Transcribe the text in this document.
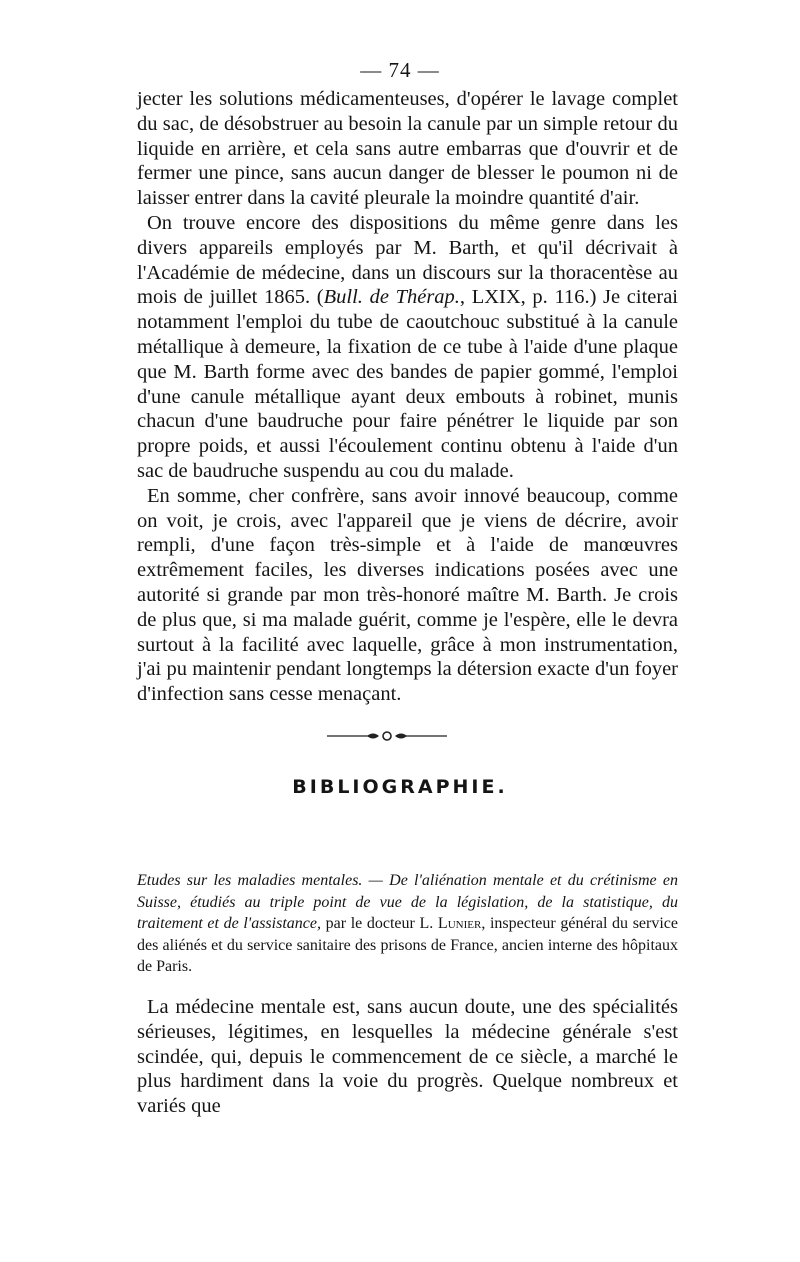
— 74 —

jecter les solutions médicamenteuses, d'opérer le lavage complet du sac, de désobstruer au besoin la canule par un simple retour du liquide en arrière, et cela sans autre embarras que d'ouvrir et de fermer une pince, sans aucun danger de blesser le poumon ni de laisser entrer dans la cavité pleurale la moindre quantité d'air.

On trouve encore des dispositions du même genre dans les divers appareils employés par M. Barth, et qu'il décrivait à l'Académie de médecine, dans un discours sur la thoracentèse au mois de juillet 1865. (Bull. de Thérap., LXIX, p. 116.) Je citerai notamment l'emploi du tube de caoutchouc substitué à la canule métallique à demeure, la fixation de ce tube à l'aide d'une plaque que M. Barth forme avec des bandes de papier gommé, l'emploi d'une canule métallique ayant deux embouts à robinet, munis chacun d'une baudruche pour faire pénétrer le liquide par son propre poids, et aussi l'écoulement continu obtenu à l'aide d'un sac de baudruche suspendu au cou du malade.

En somme, cher confrère, sans avoir innové beaucoup, comme on voit, je crois, avec l'appareil que je viens de décrire, avoir rempli, d'une façon très-simple et à l'aide de manœuvres extrêmement faciles, les diverses indications posées avec une autorité si grande par mon très-honoré maître M. Barth. Je crois de plus que, si ma malade guérit, comme je l'espère, elle le devra surtout à la facilité avec laquelle, grâce à mon instrumentation, j'ai pu maintenir pendant longtemps la détersion exacte d'un foyer d'infection sans cesse menaçant.

BIBLIOGRAPHIE.
Etudes sur les maladies mentales. — De l'aliénation mentale et du crétinisme en Suisse, étudiés au triple point de vue de la législation, de la statistique, du traitement et de l'assistance, par le docteur L. Lunier, inspecteur général du service des aliénés et du service sanitaire des prisons de France, ancien interne des hôpitaux de Paris.

La médecine mentale est, sans aucun doute, une des spécialités sérieuses, légitimes, en lesquelles la médecine générale s'est scindée, qui, depuis le commencement de ce siècle, a marché le plus hardiment dans la voie du progrès. Quelque nombreux et variés que
